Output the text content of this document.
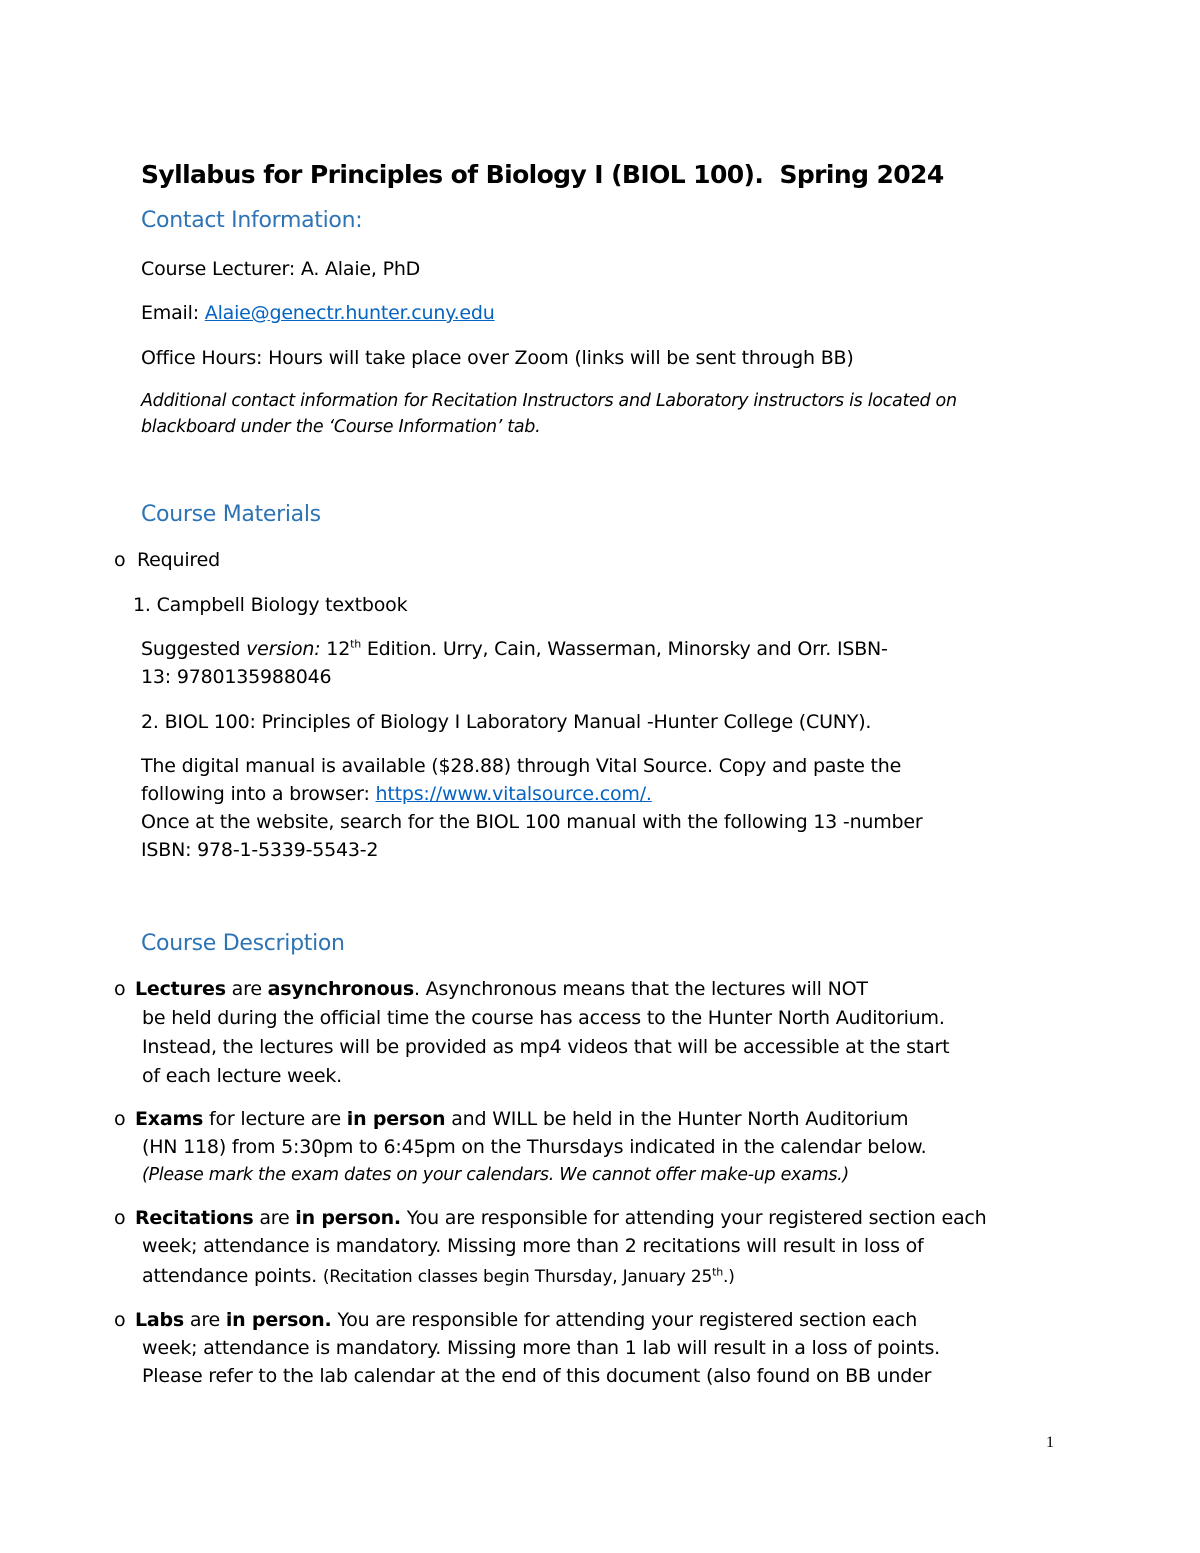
Syllabus for Principles of Biology I (BIOL 100).  Spring 2024
Contact Information:
Course Lecturer: A. Alaie, PhD
Email: Alaie@genectr.hunter.cuny.edu
Office Hours: Hours will take place over Zoom (links will be sent through BB)
Additional contact information for Recitation Instructors and Laboratory instructors is located on
blackboard under the ‘Course Information’ tab.
Course Materials
o Required
1. Campbell Biology textbook
Suggested version: 12th Edition. Urry, Cain, Wasserman, Minorsky and Orr. ISBN-
13: 9780135988046
2. BIOL 100: Principles of Biology I Laboratory Manual -Hunter College (CUNY).
The digital manual is available ($28.88) through Vital Source. Copy and paste the
following into a browser: https://www.vitalsource.com/.
Once at the website, search for the BIOL 100 manual with the following 13 -number
ISBN: 978-1-5339-5543-2
Course Description
o Lectures are asynchronous. Asynchronous means that the lectures will NOT
be held during the official time the course has access to the Hunter North Auditorium.
Instead, the lectures will be provided as mp4 videos that will be accessible at the start
of each lecture week.
o Exams for lecture are in person and WILL be held in the Hunter North Auditorium
(HN 118) from 5:30pm to 6:45pm on the Thursdays indicated in the calendar below.
(Please mark the exam dates on your calendars. We cannot offer make-up exams.)
o Recitations are in person. You are responsible for attending your registered section each
week; attendance is mandatory. Missing more than 2 recitations will result in loss of
attendance points. (Recitation classes begin Thursday, January 25th.)
o Labs are in person. You are responsible for attending your registered section each
week; attendance is mandatory. Missing more than 1 lab will result in a loss of points.
Please refer to the lab calendar at the end of this document (also found on BB under
1
